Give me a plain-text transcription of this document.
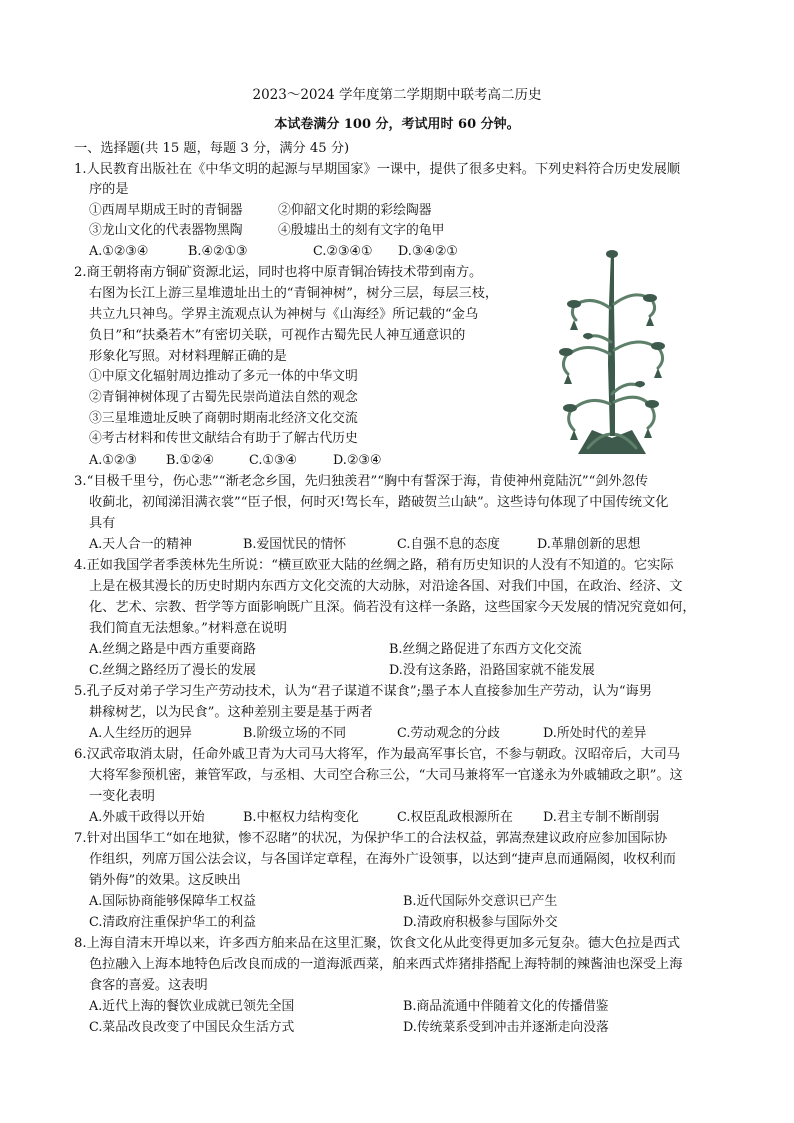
2023～2024 学年度第二学期期中联考高二历史
本试卷满分 100 分，考试用时 60 分钟。
一、选择题(共 15 题，每题 3 分，满分 45 分)
1.人民教育出版社在《中华文明的起源与早期国家》一课中，提供了很多史料。下列史料符合历史发展顺
序的是
①西周早期成王时的青铜器	②仰韶文化时期的彩绘陶器
③龙山文化的代表器物黑陶	④殷墟出土的刻有文字的龟甲
A.①②③④	B.④②①③	C.②③④① D.③④②①
2.商王朝将南方铜矿资源北运，同时也将中原青铜冶铸技术带到南方。
右图为长江上游三星堆遗址出土的“青铜神树”，树分三层，每层三枝，
共立九只神鸟。学界主流观点认为神树与《山海经》所记载的“金乌
负日”和“扶桑若木”有密切关联，可视作古蜀先民人神互通意识的
形象化写照。对材料理解正确的是
①中原文化辐射周边推动了多元一体的中华文明
②青铜神树体现了古蜀先民崇尚道法自然的观念
③三星堆遗址反映了商朝时期南北经济文化交流
④考古材料和传世文献结合有助于了解古代历史
A.①②③ B.①②④	C.①③④	D.②③④
3.“目极千里兮，伤心悲”“渐老念乡国，先归独羡君”“胸中有誓深于海，肯使神州竟陆沉”“剑外忽传
收蓟北，初闻涕泪满衣裳”“臣子恨，何时灭!驾长车，踏破贺兰山缺”。这些诗句体现了中国传统文化
具有
A.天人合一的精神	B.爱国忧民的情怀	C.自强不息的态度	D.革鼎创新的思想
4.正如我国学者季羡林先生所说：“横亘欧亚大陆的丝绸之路，稍有历史知识的人没有不知道的。它实际
上是在极其漫长的历史时期内东西方文化交流的大动脉，对沿途各国、对我们中国，在政治、经济、文
化、艺术、宗教、哲学等方面影响既广且深。倘若没有这样一条路，这些国家今天发展的情况究竟如何，
我们简直无法想象。”材料意在说明
A.丝绸之路是中西方重要商路	B.丝绸之路促进了东西方文化交流
C.丝绸之路经历了漫长的发展	D.没有这条路，沿路国家就不能发展
5.孔子反对弟子学习生产劳动技术，认为“君子谋道不谋食”;墨子本人直接参加生产劳动，认为“诲男
耕稼树艺，以为民食”。这种差别主要是基于两者
A.人生经历的迥异	B.阶级立场的不同	C.劳动观念的分歧	D.所处时代的差异
6.汉武帝取消太尉，任命外戚卫青为大司马大将军，作为最高军事长官，不参与朝政。汉昭帝后，大司马
大将军参预机密，兼管军政，与丞相、大司空合称三公，“大司马兼将军一官遂永为外戚辅政之职”。这
一变化表明
A.外戚干政得以开始	B.中枢权力结构变化	C.权臣乱政根源所在 D.君主专制不断削弱
7.针对出国华工“如在地狱，惨不忍睹”的状况，为保护华工的合法权益，郭嵩焘建议政府应参加国际协
作组织，列席万国公法会议，与各国详定章程，在海外广设领事，以达到“捷声息而通隔阂，收权利而
销外侮”的效果。这反映出
A.国际协商能够保障华工权益	B.近代国际外交意识已产生
C.清政府注重保护华工的利益	D.清政府积极参与国际外交
8.上海自清末开埠以来，许多西方舶来品在这里汇聚，饮食文化从此变得更加多元复杂。德大色拉是西式
色拉融入上海本地特色后改良而成的一道海派西菜，舶来西式炸猪排搭配上海特制的辣酱油也深受上海
食客的喜爱。这表明
A.近代上海的餐饮业成就已领先全国	B.商品流通中伴随着文化的传播借鉴
C.菜品改良改变了中国民众生活方式	D.传统菜系受到冲击并逐渐走向没落
